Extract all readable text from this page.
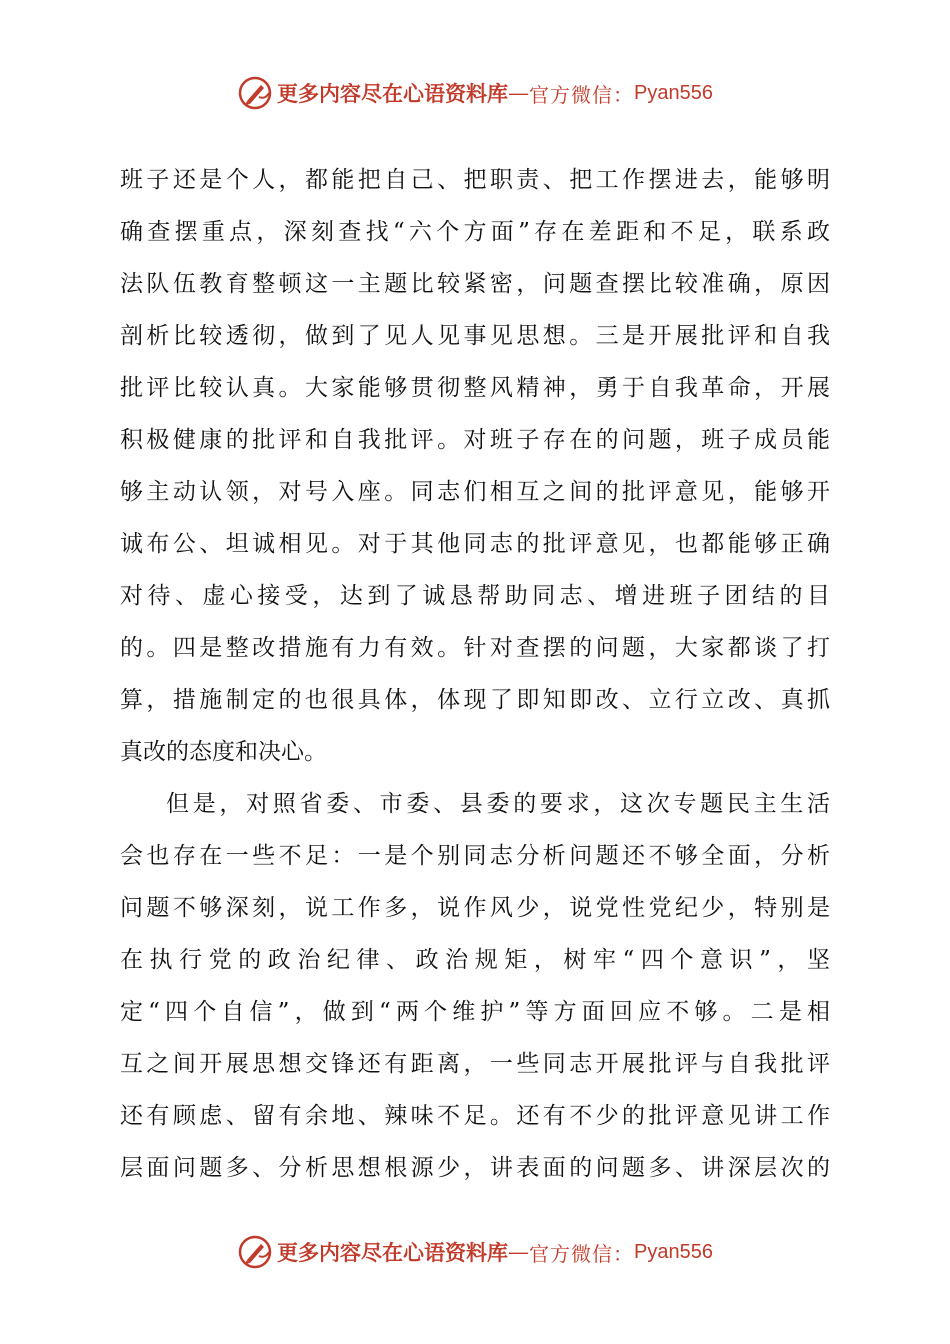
更多内容尽在心语资料库 — 官方微信： Pyan556
班子还是个人，都能把自己、把职责、把工作摆进去，能够明
确查摆重点，深刻查找“六个方面”存在差距和不足，联系政
法队伍教育整顿这一主题比较紧密，问题查摆比较准确，原因
剖析比较透彻，做到了见人见事见思想。三是开展批评和自我
批评比较认真。大家能够贯彻整风精神，勇于自我革命，开展
积极健康的批评和自我批评。对班子存在的问题，班子成员能
够主动认领，对号入座。同志们相互之间的批评意见，能够开
诚布公、坦诚相见。对于其他同志的批评意见，也都能够正确
对待、虚心接受，达到了诚恳帮助同志、增进班子团结的目
的。四是整改措施有力有效。针对查摆的问题，大家都谈了打
算，措施制定的也很具体，体现了即知即改、立行立改、真抓
真改的态度和决心。
但是，对照省委、市委、县委的要求，这次专题民主生活
会也存在一些不足：一是个别同志分析问题还不够全面，分析
问题不够深刻，说工作多，说作风少，说党性党纪少，特别是
在执行党的政治纪律、政治规矩，树牢“四个意识”，坚
定“四个自信”，做到“两个维护”等方面回应不够。二是相
互之间开展思想交锋还有距离，一些同志开展批评与自我批评
还有顾虑、留有余地、辣味不足。还有不少的批评意见讲工作
层面问题多、分析思想根源少，讲表面的问题多、讲深层次的
更多内容尽在心语资料库 — 官方微信： Pyan556
